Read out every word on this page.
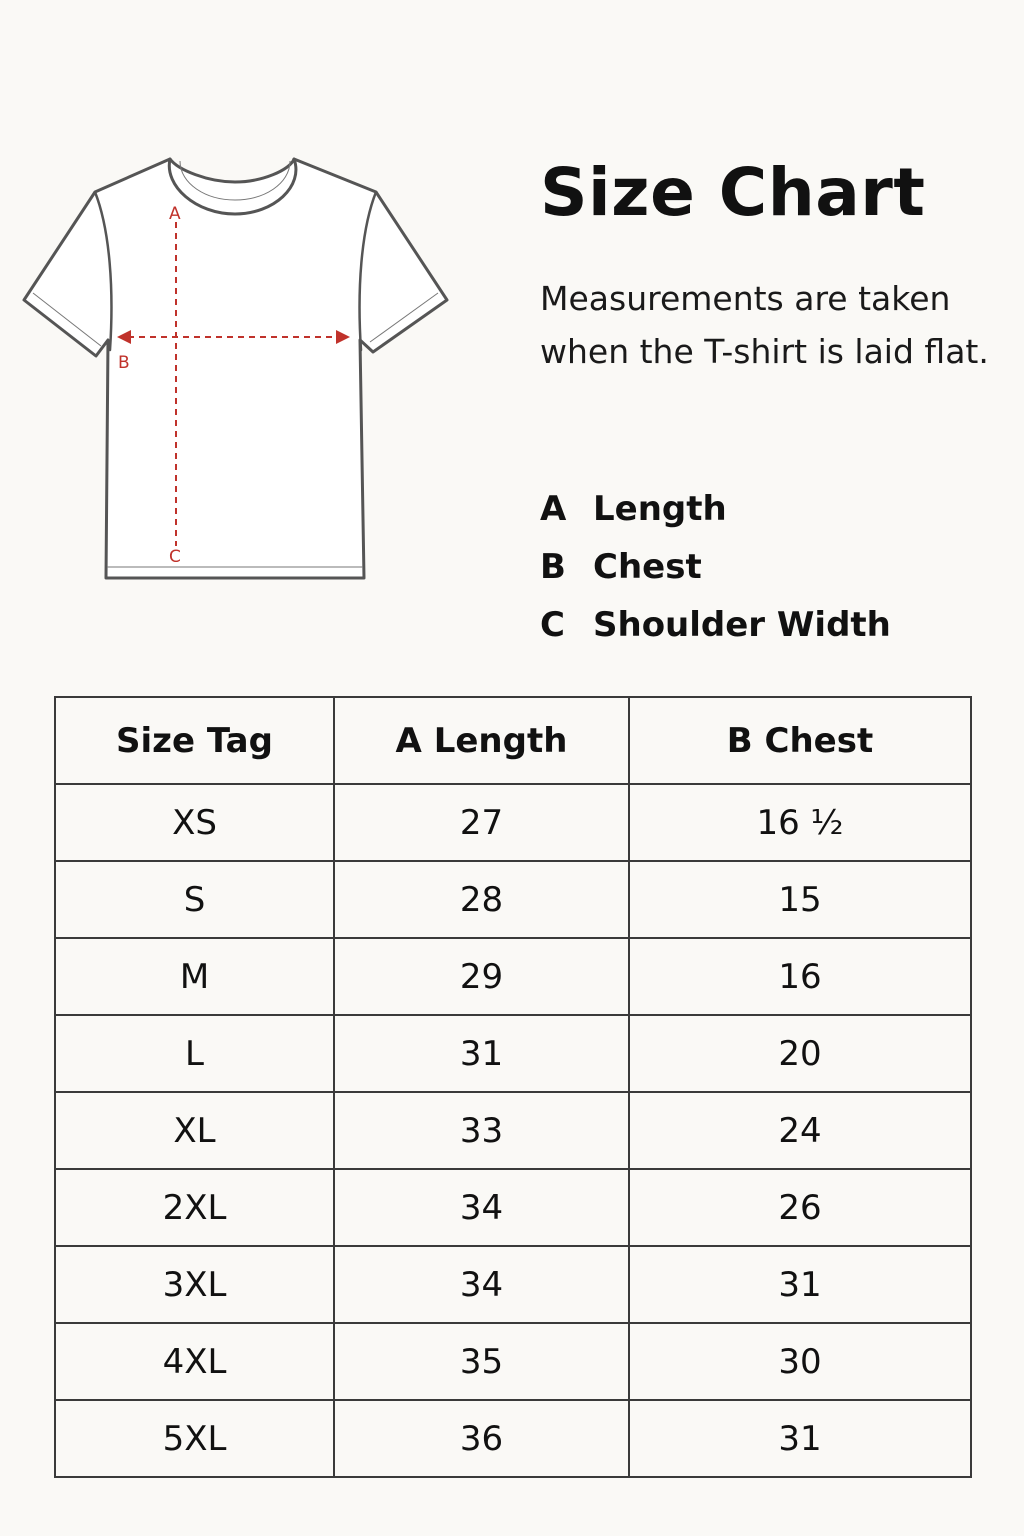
A
B
C
Size Chart
Measurements are taken
when the T-shirt is laid flat.
A Length
B Chest
C Shoulder Width
Size Tag	A Length	B Chest
XS	27	16 ½
S	28	15
M	29	16
L	31	20
XL	33	24
2XL	34	26
3XL	34	31
4XL	35	30
5XL	36	31
